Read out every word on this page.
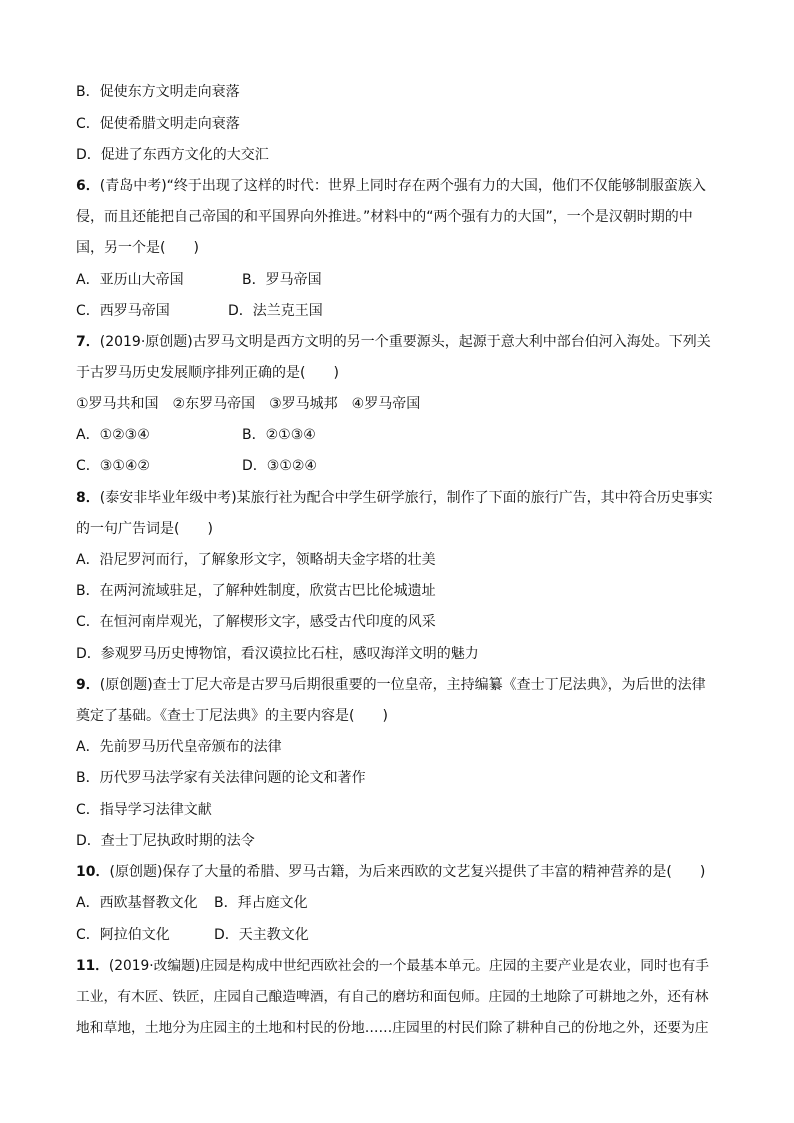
B．促使东方文明走向衰落
C．促使希腊文明走向衰落
D．促进了东西方文化的大交汇
6．(青岛中考)“终于出现了这样的时代：世界上同时存在两个强有力的大国，他们不仅能够制服蛮族入
侵，而且还能把自己帝国的和平国界向外推进。”材料中的“两个强有力的大国”，一个是汉朝时期的中
国，另一个是(　　)
A．亚历山大帝国	B．罗马帝国
C．西罗马帝国	D．法兰克王国
7．(2019·原创题)古罗马文明是西方文明的另一个重要源头，起源于意大利中部台伯河入海处。下列关
于古罗马历史发展顺序排列正确的是(　　)
①罗马共和国　②东罗马帝国　③罗马城邦　④罗马帝国
A．①②③④	B．②①③④
C．③①④②	D．③①②④
8．(泰安非毕业年级中考)某旅行社为配合中学生研学旅行，制作了下面的旅行广告，其中符合历史事实
的一句广告词是(　　)
A．沿尼罗河而行，了解象形文字，领略胡夫金字塔的壮美
B．在两河流域驻足，了解种姓制度，欣赏古巴比伦城遗址
C．在恒河南岸观光，了解楔形文字，感受古代印度的风采
D．参观罗马历史博物馆，看汉谟拉比石柱，感叹海洋文明的魅力
9．(原创题)查士丁尼大帝是古罗马后期很重要的一位皇帝，主持编纂《查士丁尼法典》，为后世的法律
奠定了基础。《查士丁尼法典》的主要内容是(　　)
A．先前罗马历代皇帝颁布的法律
B．历代罗马法学家有关法律问题的论文和著作
C．指导学习法律文献
D．查士丁尼执政时期的法令
10．(原创题)保存了大量的希腊、罗马古籍，为后来西欧的文艺复兴提供了丰富的精神营养的是(　　)
A．西欧基督教文化 B．拜占庭文化
C．阿拉伯文化	D．天主教文化
11．(2019·改编题)庄园是构成中世纪西欧社会的一个最基本单元。庄园的主要产业是农业，同时也有手
工业，有木匠、铁匠，庄园自己酿造啤酒，有自己的磨坊和面包师。庄园的土地除了可耕地之外，还有林
地和草地，土地分为庄园主的土地和村民的份地……庄园里的村民们除了耕种自己的份地之外，还要为庄
